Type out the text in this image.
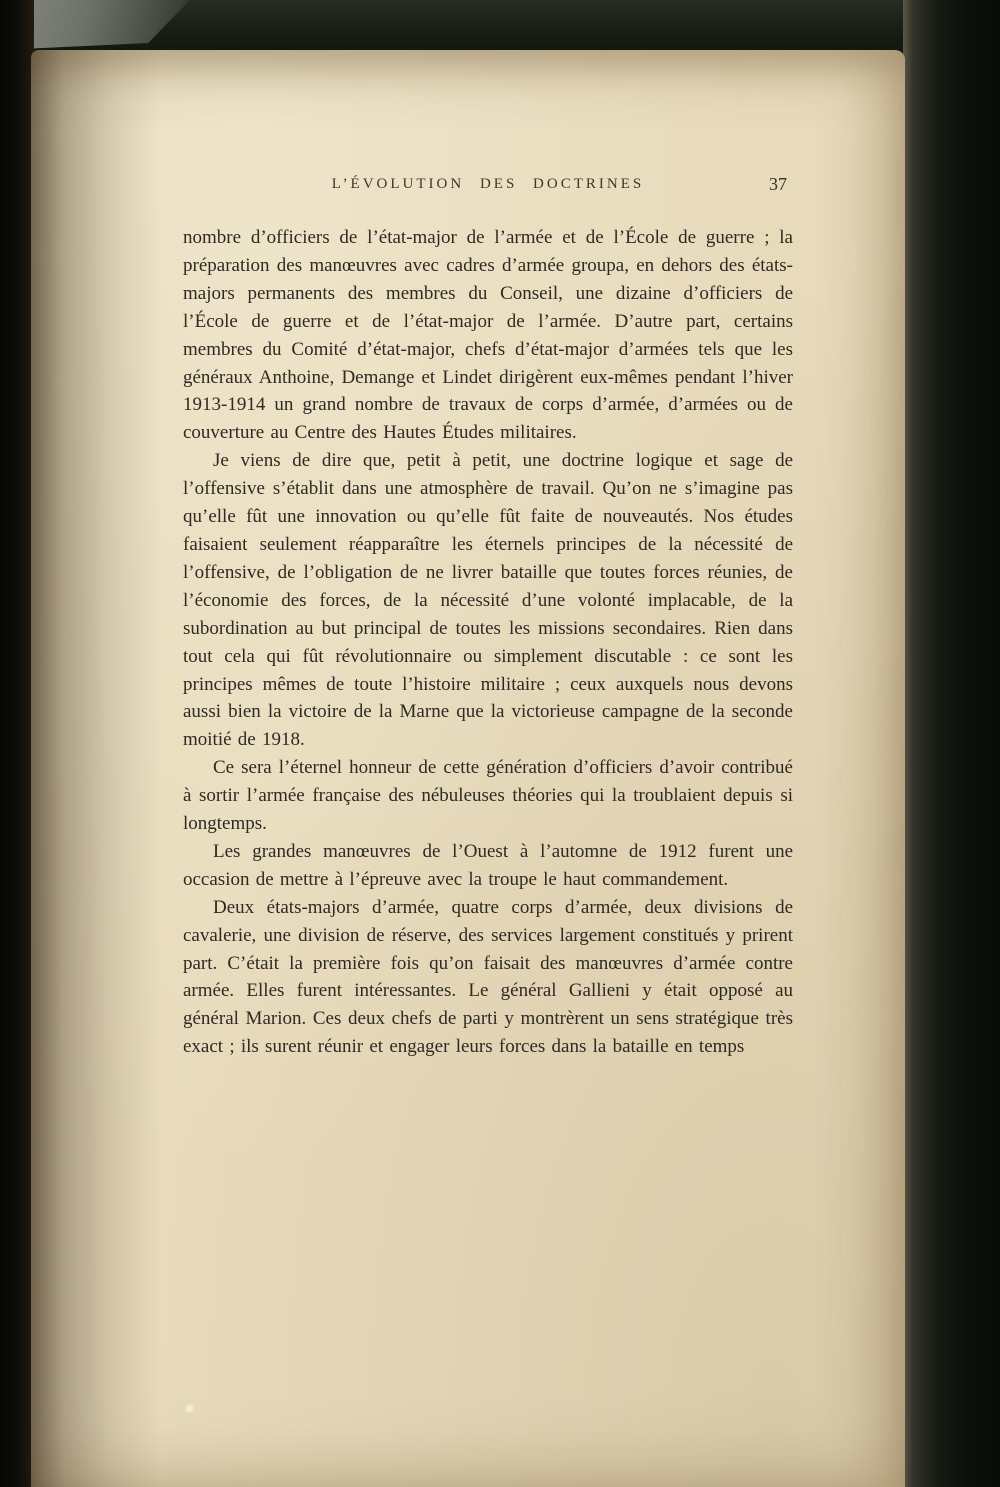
L’ÉVOLUTION DES DOCTRINES	37

nombre d’officiers de l’état-major de l’armée et de l’École de guerre ; la préparation des manœuvres avec cadres d’armée groupa, en dehors des états-majors permanents des membres du Conseil, une dizaine d’officiers de l’École de guerre et de l’état-major de l’armée. D’autre part, certains membres du Comité d’état-major, chefs d’état-major d’armées tels que les généraux Anthoine, Demange et Lindet dirigèrent eux-mêmes pendant l’hiver 1913-1914 un grand nombre de travaux de corps d’armée, d’armées ou de couverture au Centre des Hautes Études militaires.

Je viens de dire que, petit à petit, une doctrine logique et sage de l’offensive s’établit dans une atmosphère de travail. Qu’on ne s’imagine pas qu’elle fût une innovation ou qu’elle fût faite de nouveautés. Nos études faisaient seulement réapparaître les éternels principes de la nécessité de l’offensive, de l’obligation de ne livrer bataille que toutes forces réunies, de l’économie des forces, de la nécessité d’une volonté implacable, de la subordination au but principal de toutes les missions secondaires. Rien dans tout cela qui fût révolutionnaire ou simplement discutable : ce sont les principes mêmes de toute l’histoire militaire ; ceux auxquels nous devons aussi bien la victoire de la Marne que la victorieuse campagne de la seconde moitié de 1918.

Ce sera l’éternel honneur de cette génération d’officiers d’avoir contribué à sortir l’armée française des nébuleuses théories qui la troublaient depuis si longtemps.

Les grandes manœuvres de l’Ouest à l’automne de 1912 furent une occasion de mettre à l’épreuve avec la troupe le haut commandement.

Deux états-majors d’armée, quatre corps d’armée, deux divisions de cavalerie, une division de réserve, des services largement constitués y prirent part. C’était la première fois qu’on faisait des manœuvres d’armée contre armée. Elles furent intéressantes. Le général Gallieni y était opposé au général Marion. Ces deux chefs de parti y montrèrent un sens stratégique très exact ; ils surent réunir et engager leurs forces dans la bataille en temps
